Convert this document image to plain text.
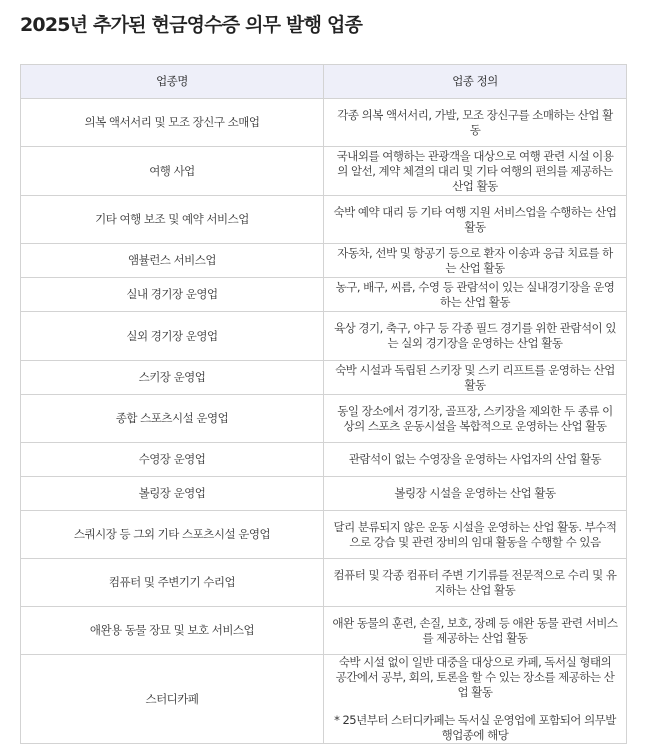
2025년 추가된 현금영수증 의무 발행 업종
업종명	업종 정의
의복 액서서리 및 모조 장신구 소매업	각종 의복 액서서리, 가발, 모조 장신구를 소매하는 산업 활동
여행 사업	국내외를 여행하는 관광객을 대상으로 여행 관련 시설 이용의 알선, 계약 체결의 대리 및 기타 여행의 편의를 제공하는 산업 활동
기타 여행 보조 및 예약 서비스업	숙박 예약 대리 등 기타 여행 지원 서비스업을 수행하는 산업 활동
앰뷸런스 서비스업	자동차, 선박 및 항공기 등으로 환자 이송과 응급 치료를 하는 산업 활동
실내 경기장 운영업	농구, 배구, 씨름, 수영 등 관람석이 있는 실내경기장을 운영하는 산업 활동
실외 경기장 운영업	육상 경기, 축구, 야구 등 각종 필드 경기를 위한 관람석이 있는 실외 경기장을 운영하는 산업 활동
스키장 운영업	숙박 시설과 독립된 스키장 및 스키 리프트를 운영하는 산업 활동
종합 스포츠시설 운영업	동일 장소에서 경기장, 골프장, 스키장을 제외한 두 종류 이상의 스포츠 운동시설을 복합적으로 운영하는 산업 활동
수영장 운영업	관람석이 없는 수영장을 운영하는 사업자의 산업 활동
볼링장 운영업	볼링장 시설을 운영하는 산업 활동
스쿼시장 등 그외 기타 스포츠시설 운영업	달리 분류되지 않은 운동 시설을 운영하는 산업 활동. 부수적으로 강습 및 관련 장비의 임대 활동을 수행할 수 있음
컴퓨터 및 주변기기 수리업	컴퓨터 및 각종 컴퓨터 주변 기기류를 전문적으로 수리 및 유지하는 산업 활동
애완용 동물 장묘 및 보호 서비스업	애완 동물의 훈련, 손질, 보호, 장례 등 애완 동물 관련 서비스를 제공하는 산업 활동
스터디카페	숙박 시설 없이 일반 대중을 대상으로 카페, 독서실 형태의 공간에서 공부, 회의, 토론을 할 수 있는 장소를 제공하는 산업 활동
* 25년부터 스터디카페는 독서실 운영업에 포함되어 의무발행업종에 해당
